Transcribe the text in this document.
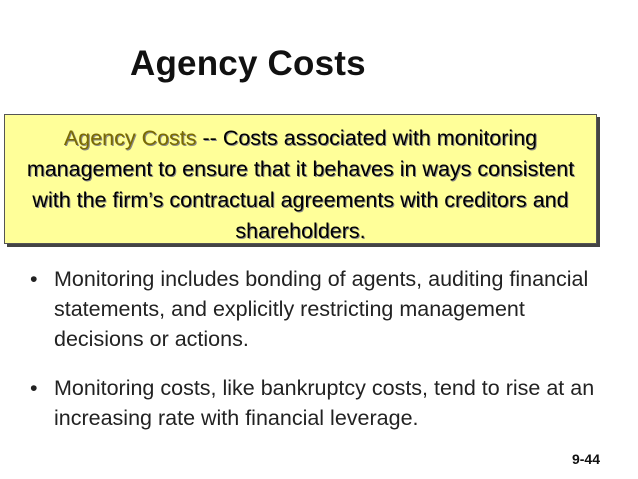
Agency Costs
Agency Costs -- Costs associated with monitoring management to ensure that it behaves in ways consistent with the firm’s contractual agreements with creditors and shareholders.
• Monitoring includes bonding of agents, auditing financial statements, and explicitly restricting management decisions or actions.
• Monitoring costs, like bankruptcy costs, tend to rise at an increasing rate with financial leverage.
9-44
